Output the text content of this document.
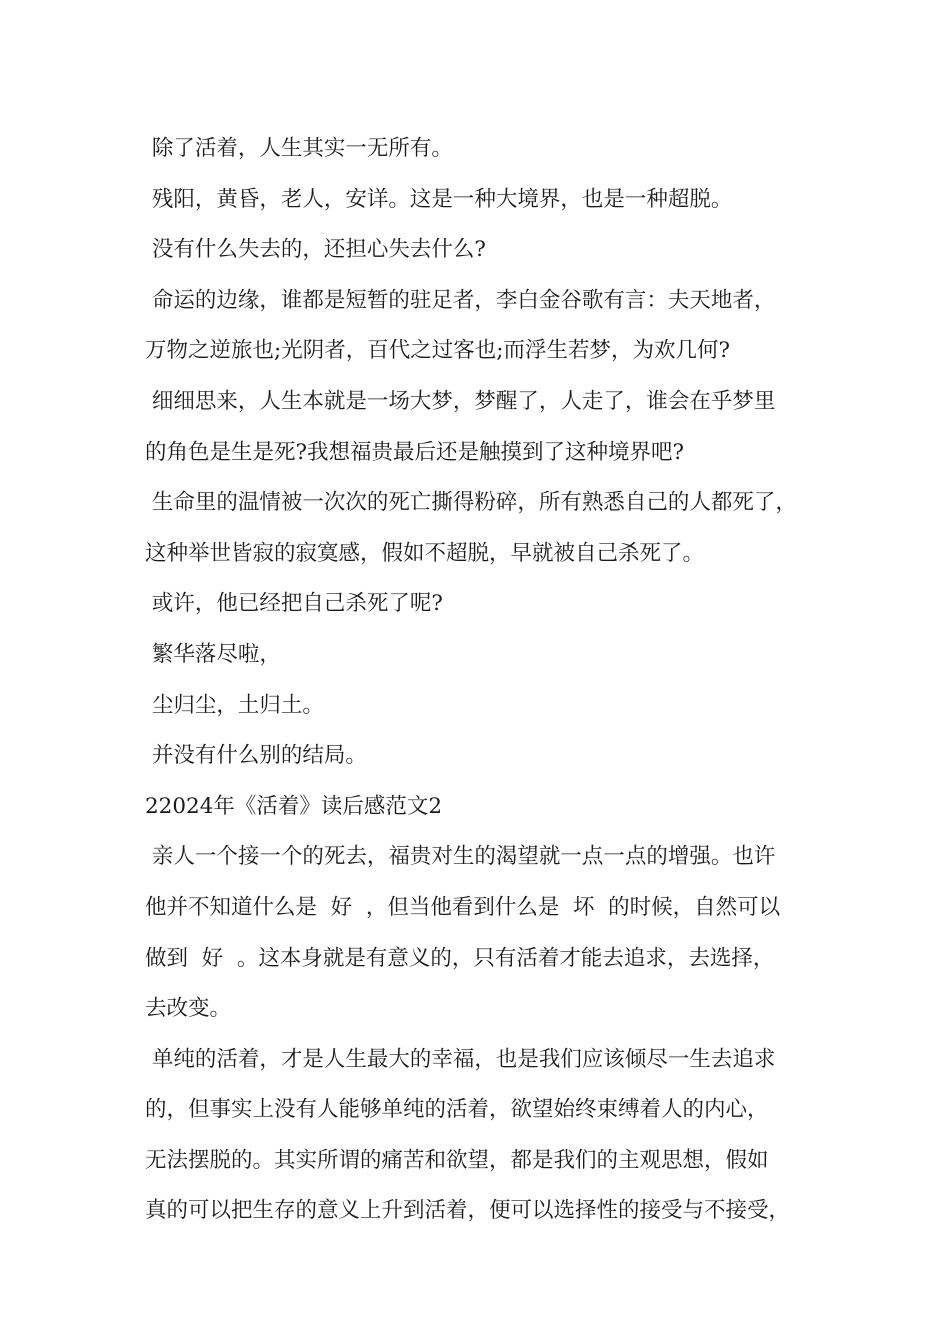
除了活着，人生其实一无所有。

残阳，黄昏，老人，安详。这是一种大境界，也是一种超脱。

没有什么失去的，还担心失去什么?

命运的边缘，谁都是短暂的驻足者，李白金谷歌有言：夫天地者，

万物之逆旅也;光阴者，百代之过客也;而浮生若梦，为欢几何?

细细思来，人生本就是一场大梦，梦醒了，人走了，谁会在乎梦里

的角色是生是死?我想福贵最后还是触摸到了这种境界吧?

生命里的温情被一次次的死亡撕得粉碎，所有熟悉自己的人都死了，

这种举世皆寂的寂寞感，假如不超脱，早就被自己杀死了。

或许，他已经把自己杀死了呢?

繁华落尽啦，

尘归尘，土归土。

并没有什么别的结局。

22024年《活着》读后感范文2

亲人一个接一个的死去，福贵对生的渴望就一点一点的增强。也许

他并不知道什么是  好  ，但当他看到什么是  坏  的时候，自然可以

做到  好  。这本身就是有意义的，只有活着才能去追求，去选择，

去改变。

单纯的活着，才是人生最大的幸福，也是我们应该倾尽一生去追求

的，但事实上没有人能够单纯的活着，欲望始终束缚着人的内心，

无法摆脱的。其实所谓的痛苦和欲望，都是我们的主观思想，假如

真的可以把生存的意义上升到活着，便可以选择性的接受与不接受，
